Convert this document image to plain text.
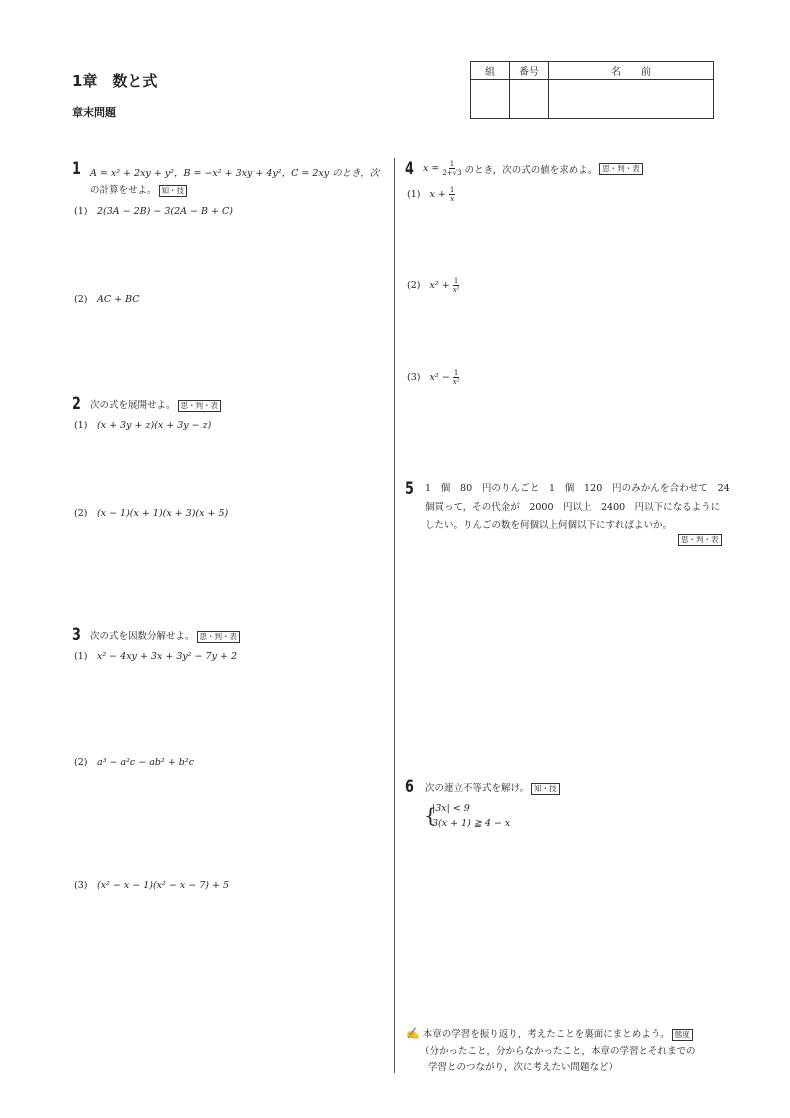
1章　数と式
章末問題
組	番号	名　　前

1 A = x² + 2xy + y²，B = −x² + 3xy + 4y²，C = 2xy のとき，次
の計算をせよ。 知・技
(1)　 2(3A − 2B) − 3(2A − B + C)
(2)　 AC + BC
2 次の式を展開せよ。 思・判・表
(1)　 (x + 3y + z)(x + 3y − z)
(2)　 (x − 1)(x + 1)(x + 3)(x + 5)
3 次の式を因数分解せよ。 思・判・表
(1)　 x² − 4xy + 3x + 3y² − 7y + 2
(2)　 a³ − a²c − ab² + b²c
(3)　 (x² − x − 1)(x² − x − 7) + 5
4 $x = \frac{1}{2+√3}$ のとき，次の式の値を求めよ。 思・判・表
(1)
$x + \frac{1}{x}$
(2)
$x^2 + \frac{1}{\text{x²}}$
(3)
$x^2 - \frac{1}{\text{x²}}$
5 1　個　80　円のりんごと　1　個　120　円のみかんを合わせて　24
個買って，その代金が　2000　円以上　2400　円以下になるように
したい。りんごの数を何個以上何個以下にすればよいか。
思・判・表
6 次の連立不等式を解け。 知・技
{
|3x| < 9
3(x + 1) ≧ 4 − x
✍ 本章の学習を振り返り，考えたことを裏面にまとめよう。 態度
（分かったこと，分からなかったこと，本章の学習とそれまでの
学習とのつながり，次に考えたい問題など）
